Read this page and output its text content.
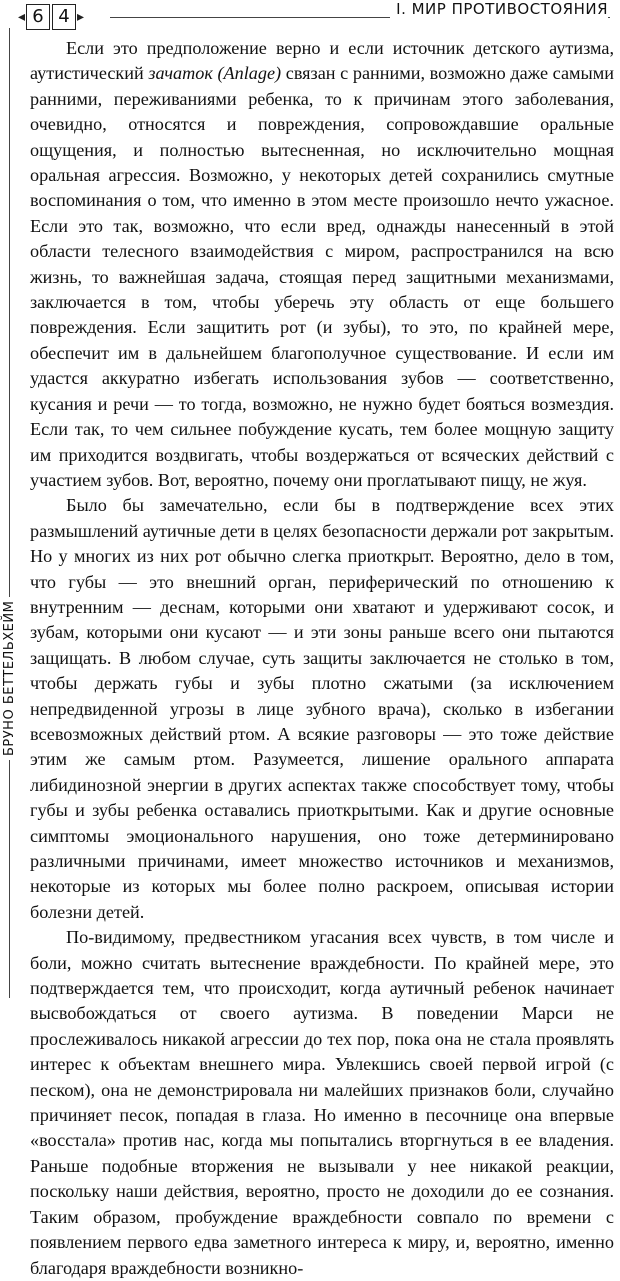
◂ 6 4 ▸	I. МИР ПРОТИВОСТОЯНИЯ
БРУНО БЕТТЕЛЬХЕЙМ

Если это предположение верно и если источник детского аутизма, аутистический зачаток (Anlage) связан с ранними, возможно даже самыми ранними, переживаниями ребенка, то к причинам этого заболевания, очевидно, относятся и повреждения, сопровождавшие оральные ощущения, и полностью вытесненная, но исключительно мощная оральная агрессия. Возможно, у некоторых детей сохранились смутные воспоминания о том, что именно в этом месте произошло нечто ужасное. Если это так, возможно, что если вред, однажды нанесенный в этой области телесного взаимодействия с миром, распространился на всю жизнь, то важнейшая задача, стоящая перед защитными механизмами, заключается в том, чтобы уберечь эту область от еще большего повреждения. Если защитить рот (и зубы), то это, по крайней мере, обеспечит им в дальнейшем благополучное существование. И если им удастся аккуратно избегать использования зубов — соответственно, кусания и речи — то тогда, возможно, не нужно будет бояться возмездия. Если так, то чем сильнее побуждение кусать, тем более мощную защиту им приходится воздвигать, чтобы воздержаться от всяческих действий с участием зубов. Вот, вероятно, почему они проглатывают пищу, не жуя.

Было бы замечательно, если бы в подтверждение всех этих размышлений аутичные дети в целях безопасности держали рот закрытым. Но у многих из них рот обычно слегка приоткрыт. Вероятно, дело в том, что губы — это внешний орган, периферический по отношению к внутренним — деснам, которыми они хватают и удерживают сосок, и зубам, которыми они кусают — и эти зоны раньше всего они пытаются защищать. В любом случае, суть защиты заключается не столько в том, чтобы держать губы и зубы плотно сжатыми (за исключением непредвиденной угрозы в лице зубного врача), сколько в избегании всевозможных действий ртом. А всякие разговоры — это тоже действие этим же самым ртом. Разумеется, лишение орального аппарата либидинозной энергии в других аспектах также способствует тому, чтобы губы и зубы ребенка оставались приоткрытыми. Как и другие основные симптомы эмоционального нарушения, оно тоже детерминировано различными причинами, имеет множество источников и механизмов, некоторые из которых мы более полно раскроем, описывая истории болезни детей.

По-видимому, предвестником угасания всех чувств, в том числе и боли, можно считать вытеснение враждебности. По крайней мере, это подтверждается тем, что происходит, когда аутичный ребенок начинает высвобождаться от своего аутизма. В поведении Марси не прослеживалось никакой агрессии до тех пор, пока она не стала проявлять интерес к объектам внешнего мира. Увлекшись своей первой игрой (с песком), она не демонстрировала ни малейших признаков боли, случайно причиняет песок, попадая в глаза. Но именно в песочнице она впервые «восстала» против нас, когда мы попытались вторгнуться в ее владения. Раньше подобные вторжения не вызывали у нее никакой реакции, поскольку наши действия, вероятно, просто не доходили до ее сознания. Таким образом, пробуждение враждебности совпало по времени с появлением первого едва заметного интереса к миру, и, вероятно, именно благодаря враждебности возникно-
